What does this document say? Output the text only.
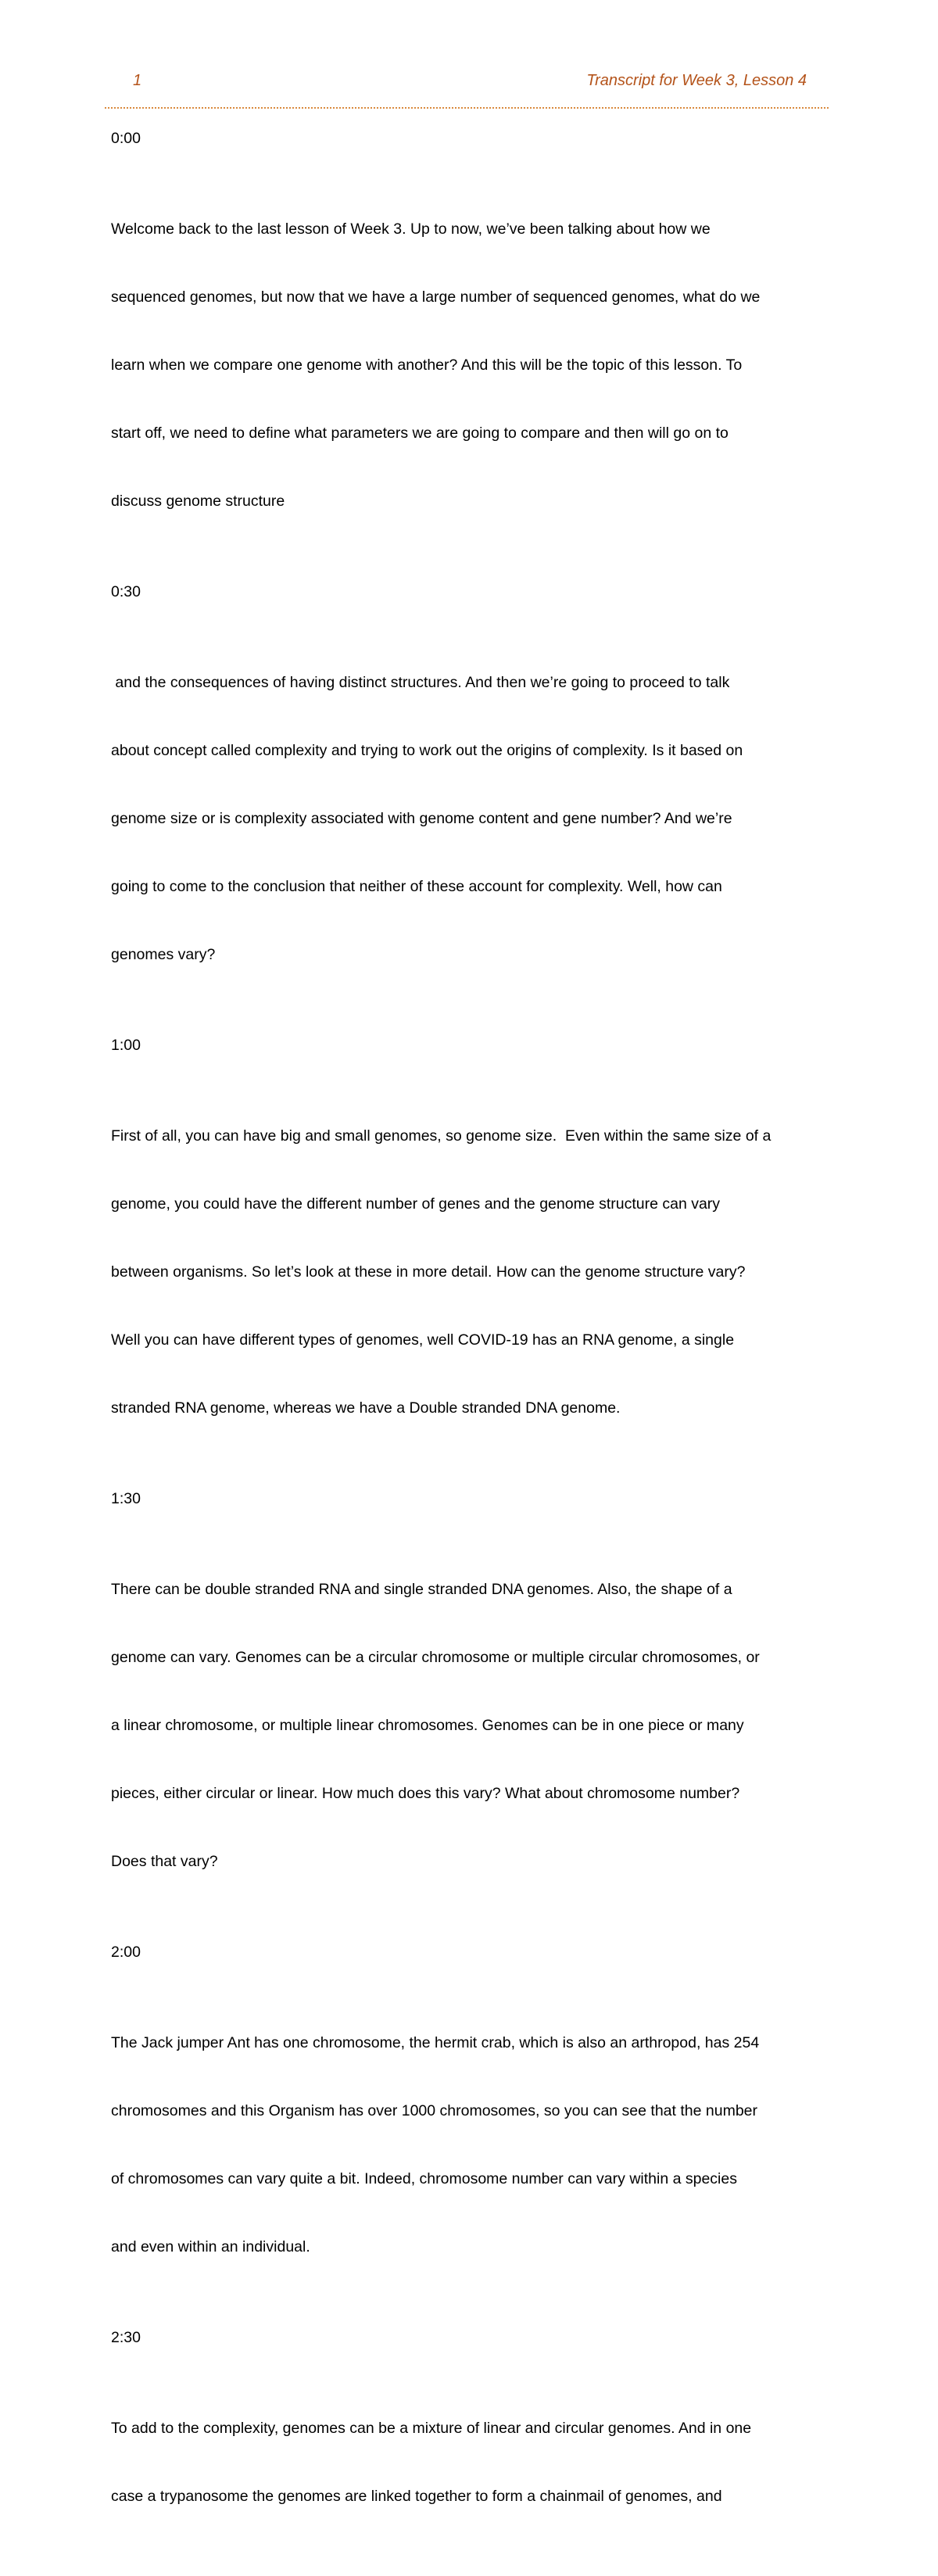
1	Transcript for Week 3, Lesson 4
0:00

Welcome back to the last lesson of Week 3. Up to now, we’ve been talking about how we

sequenced genomes, but now that we have a large number of sequenced genomes, what do we

learn when we compare one genome with another? And this will be the topic of this lesson. To

start off, we need to define what parameters we are going to compare and then will go on to

discuss genome structure

0:30

and the consequences of having distinct structures. And then we’re going to proceed to talk

about concept called complexity and trying to work out the origins of complexity. Is it based on

genome size or is complexity associated with genome content and gene number? And we’re

going to come to the conclusion that neither of these account for complexity. Well, how can

genomes vary?

1:00

First of all, you can have big and small genomes, so genome size.  Even within the same size of a

genome, you could have the different number of genes and the genome structure can vary

between organisms. So let’s look at these in more detail. How can the genome structure vary?

Well you can have different types of genomes, well COVID-19 has an RNA genome, a single

stranded RNA genome, whereas we have a Double stranded DNA genome.

1:30

There can be double stranded RNA and single stranded DNA genomes. Also, the shape of a

genome can vary. Genomes can be a circular chromosome or multiple circular chromosomes, or

a linear chromosome, or multiple linear chromosomes. Genomes can be in one piece or many

pieces, either circular or linear. How much does this vary? What about chromosome number?

Does that vary?

2:00

The Jack jumper Ant has one chromosome, the hermit crab, which is also an arthropod, has 254

chromosomes and this Organism has over 1000 chromosomes, so you can see that the number

of chromosomes can vary quite a bit. Indeed, chromosome number can vary within a species

and even within an individual.

2:30

To add to the complexity, genomes can be a mixture of linear and circular genomes. And in one

case a trypanosome the genomes are linked together to form a chainmail of genomes, and
